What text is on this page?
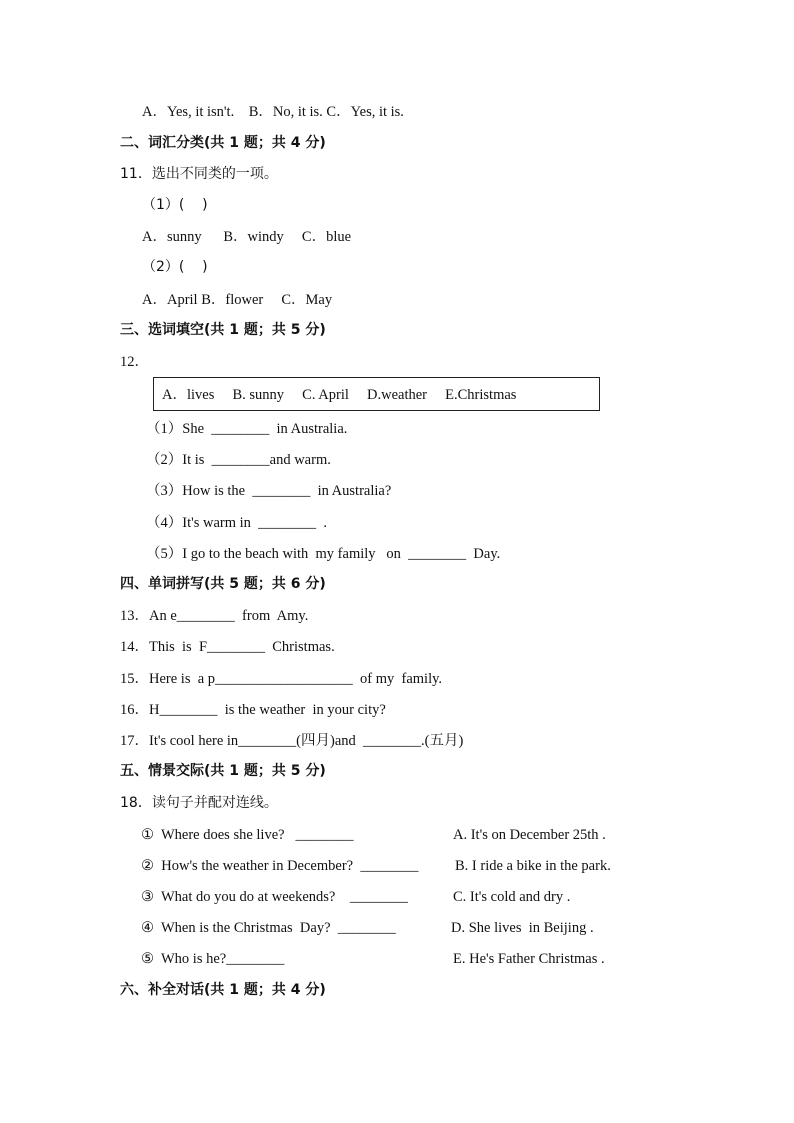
A．Yes, it isn't.    B．No, it is. C．Yes, it is.
二、词汇分类(共 1 题；共 4 分)
11．选出不同类的一项。
（1）(    )
A．sunny      B．windy     C．blue
（2）(    )
A．April B．flower     C．May
三、选词填空(共 1 题；共 5 分)
12．
A．lives     B. sunny     C. April     D.weather     E.Christmas
（1）She  ________  in Australia.
（2）It is  ________and warm.
（3）How is the  ________  in Australia?
（4）It's warm in  ________  .
（5）I go to the beach with  my family   on  ________  Day.
四、单词拼写(共 5 题；共 6 分)
13．An e________  from  Amy.
14．This  is  F________  Christmas.
15．Here is  a p___________________  of my  family.
16．H________  is the weather  in your city?
17．It's cool here in________(四月)and  ________.(五月)
五、情景交际(共 1 题；共 5 分)
18．读句子并配对连线。
①  Where does she live?   ________
②  How's the weather in December?  ________
③  What do you do at weekends?    ________
④  When is the Christmas  Day?  ________
⑤  Who is he?________
A. It's on December 25th .
B. I ride a bike in the park.
C. It's cold and dry .
D. She lives  in Beijing .
E. He's Father Christmas .
六、补全对话(共 1 题；共 4 分)
